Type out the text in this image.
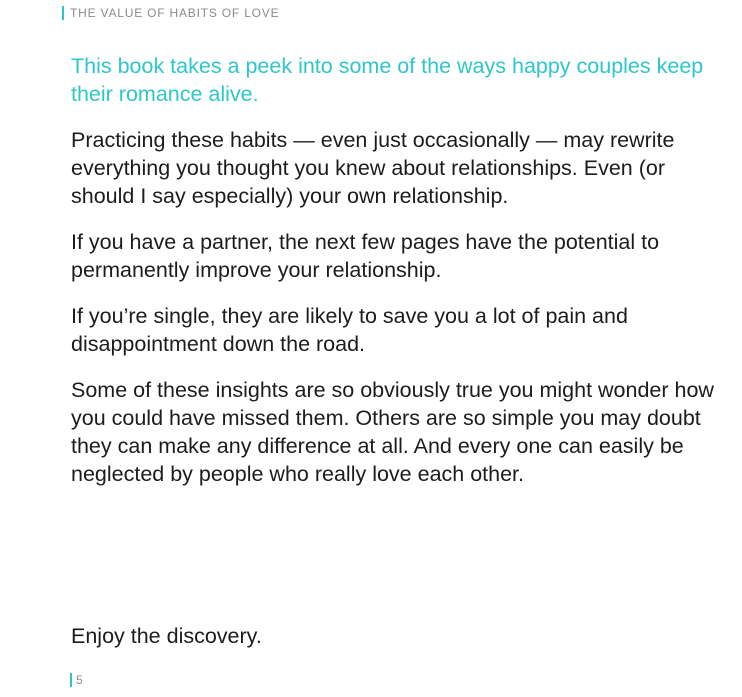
THE VALUE OF HABITS OF LOVE

This book takes a peek into some of the ways happy couples keep their romance alive.

Practicing these habits — even just occasionally — may rewrite everything you thought you knew about relationships. Even (or should I say especially) your own relationship.

If you have a partner, the next few pages have the potential to permanently improve your relationship.

If you’re single, they are likely to save you a lot of pain and disappointment down the road.

Some of these insights are so obviously true you might wonder how you could have missed them. Others are so simple you may doubt they can make any difference at all. And every one can easily be neglected by people who really love each other.

Enjoy the discovery.

5
